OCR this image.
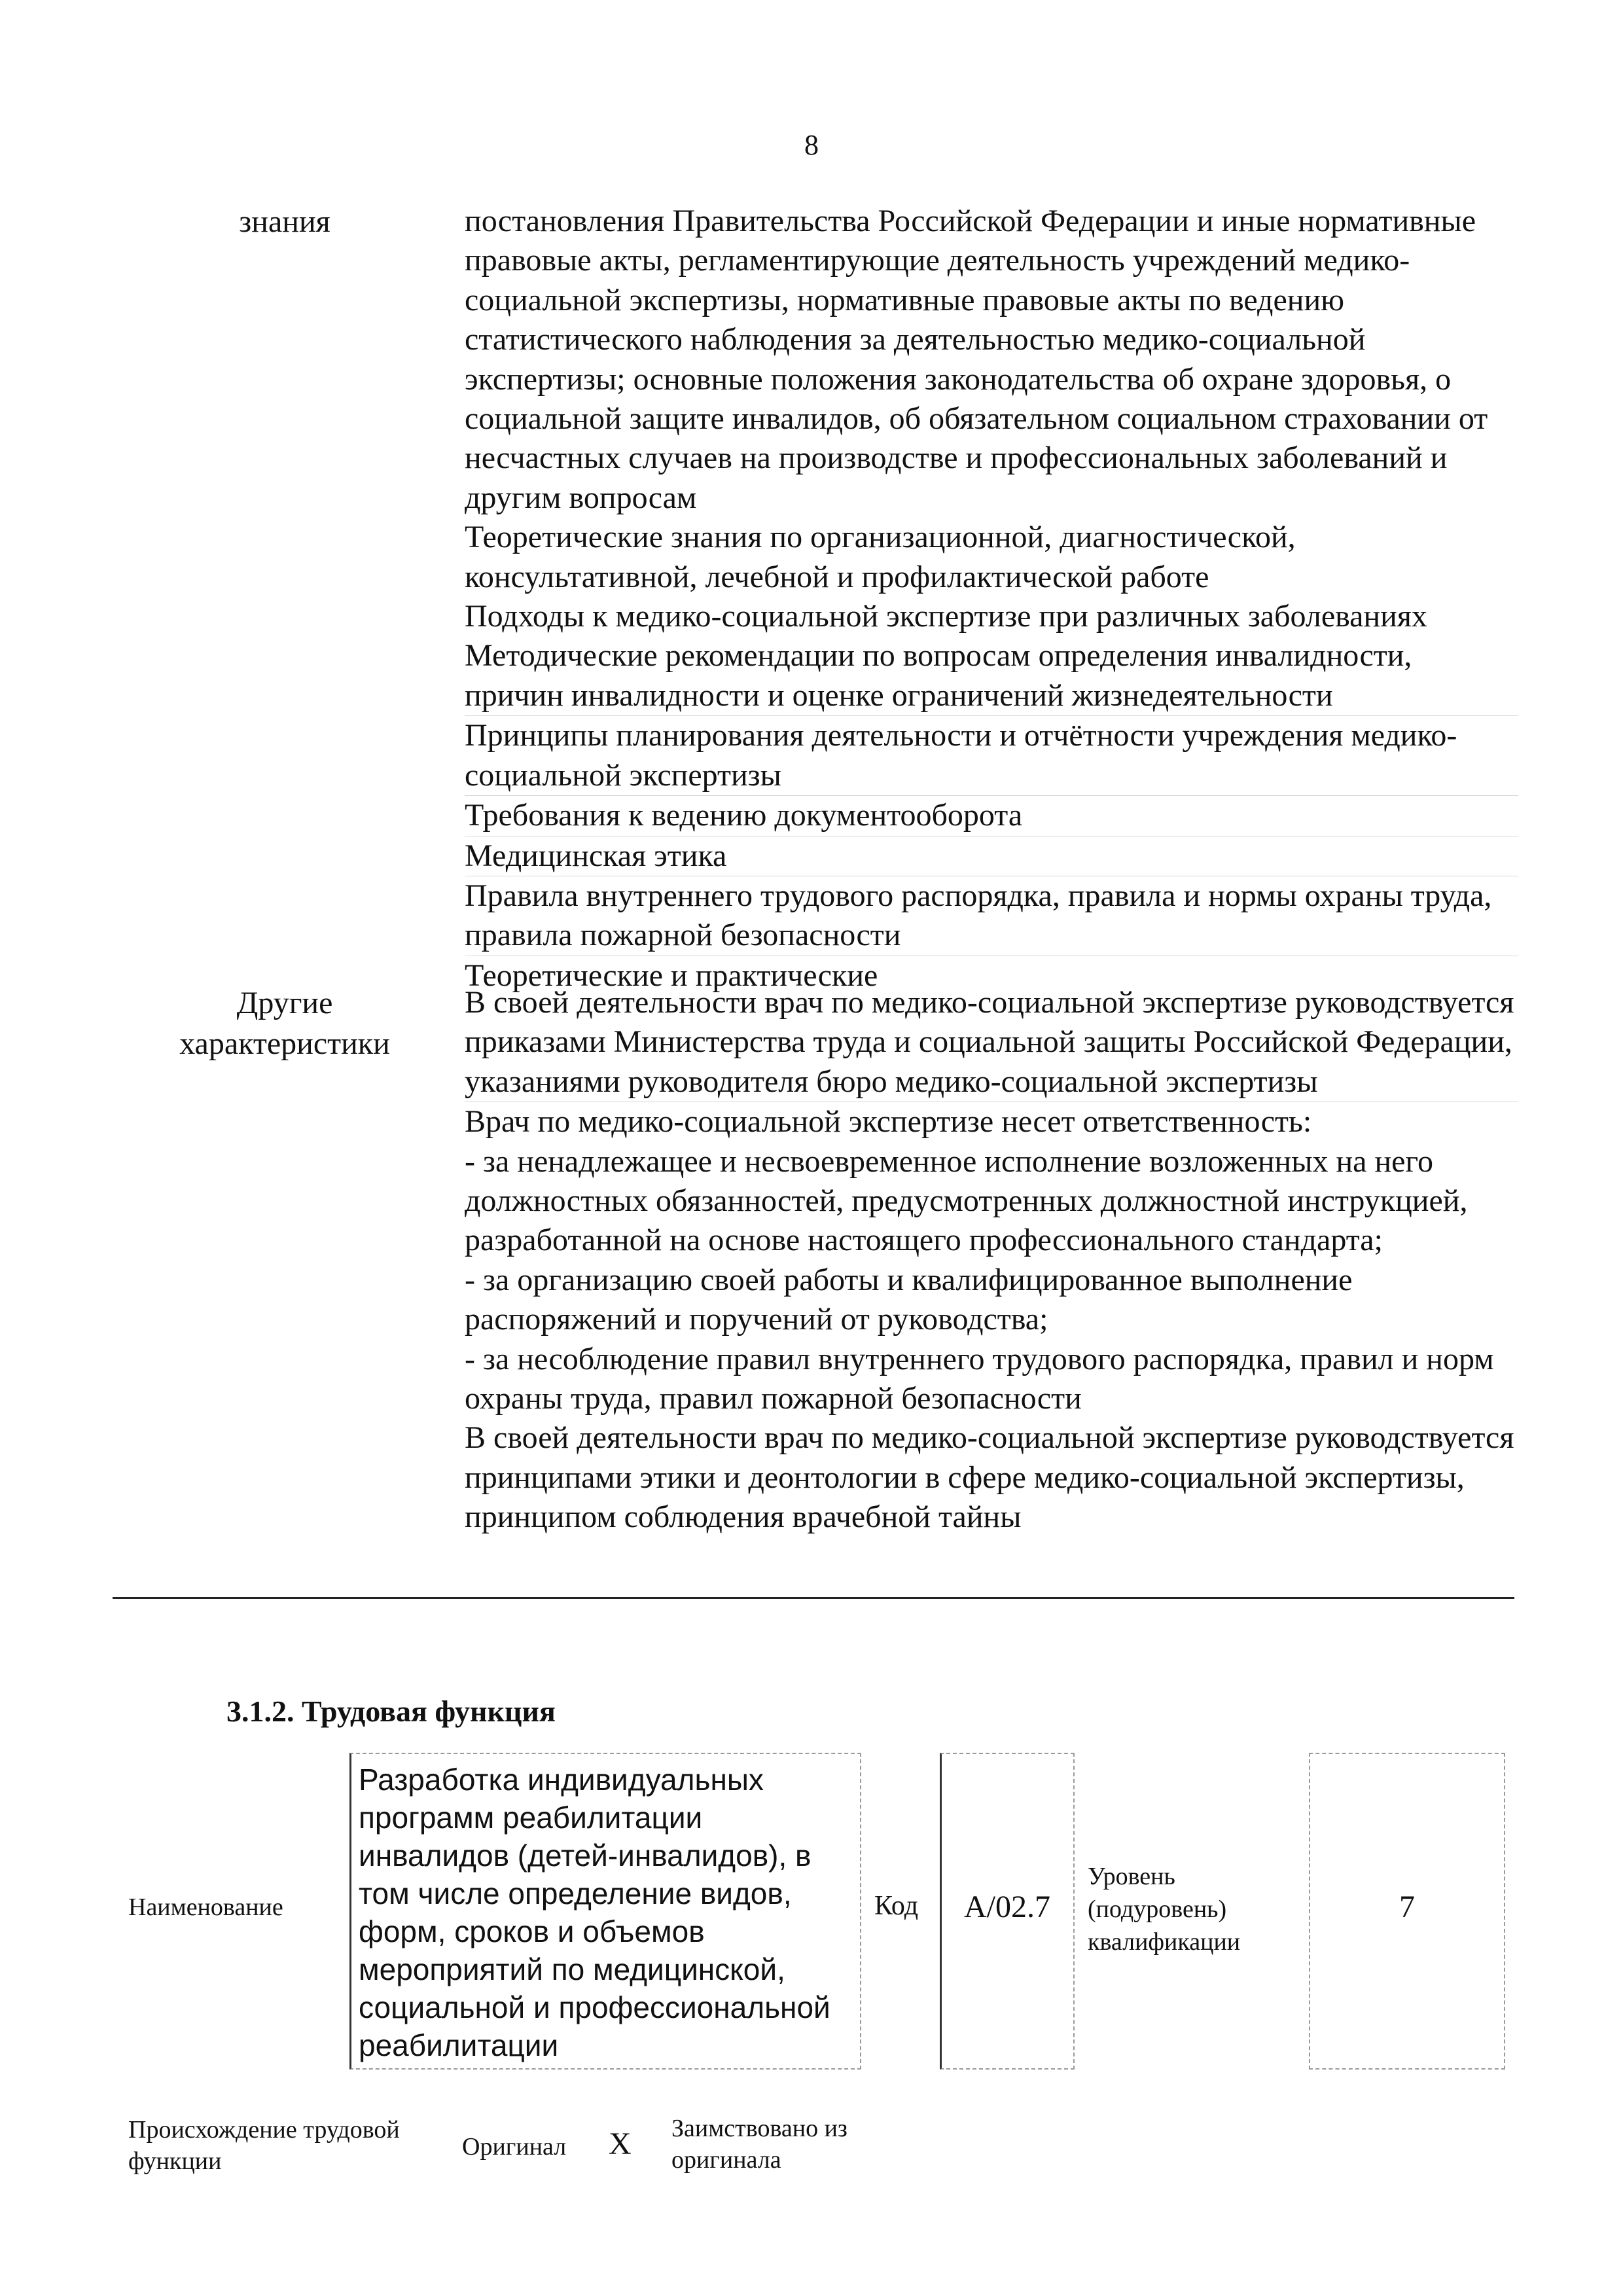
8
знания	постановления Правительства Российской Федерации и иные нормативные правовые акты, регламентирующие деятельность учреждений медико-социальной экспертизы, нормативные правовые акты по ведению статистического наблюдения за деятельностью медико-социальной экспертизы; основные положения законодательства об охране здоровья, о социальной защите инвалидов, об обязательном социальном страховании от несчастных случаев на производстве и профессиональных заболеваний и другим вопросам

Теоретические знания по организационной, диагностической, консультативной, лечебной и профилактической работе

Подходы к медико-социальной экспертизе при различных заболеваниях

Методические рекомендации по вопросам определения инвалидности, причин инвалидности и оценке ограничений жизнедеятельности

Принципы планирования деятельности и отчётности учреждения медико-социальной экспертизы

Требования к ведению документооборота

Медицинская этика

Правила внутреннего трудового распорядка, правила и нормы охраны труда, правила пожарной безопасности

Теоретические и практические

Другие
характеристики

В своей деятельности врач по медико-социальной экспертизе руководствуется приказами Министерства труда и социальной защиты Российской Федерации, указаниями руководителя бюро медико-социальной экспертизы

Врач по медико-социальной экспертизе несет ответственность:

- за ненадлежащее и несвоевременное исполнение возложенных на него должностных обязанностей, предусмотренных должностной инструкцией, разработанной на основе настоящего профессионального стандарта;

- за организацию своей работы и квалифицированное выполнение распоряжений и поручений от руководства;

- за несоблюдение правил внутреннего трудового распорядка, правил и норм охраны труда, правил пожарной безопасности

В своей деятельности врач по медико-социальной экспертизе руководствуется принципами этики и деонтологии в сфере медико-социальной экспертизы, принципом соблюдения врачебной тайны

3.1.2. Трудовая функция
Наименование
Разработка индивидуальных программ реабилитации инвалидов (детей-инвалидов), в том числе определение видов, форм, сроков и объемов мероприятий по медицинской, социальной и профессиональной реабилитации
Код	A/02.7
Уровень (подуровень) квалификации
7
Происхождение трудовой функции
Оригинал X Заимствовано из оригинала
